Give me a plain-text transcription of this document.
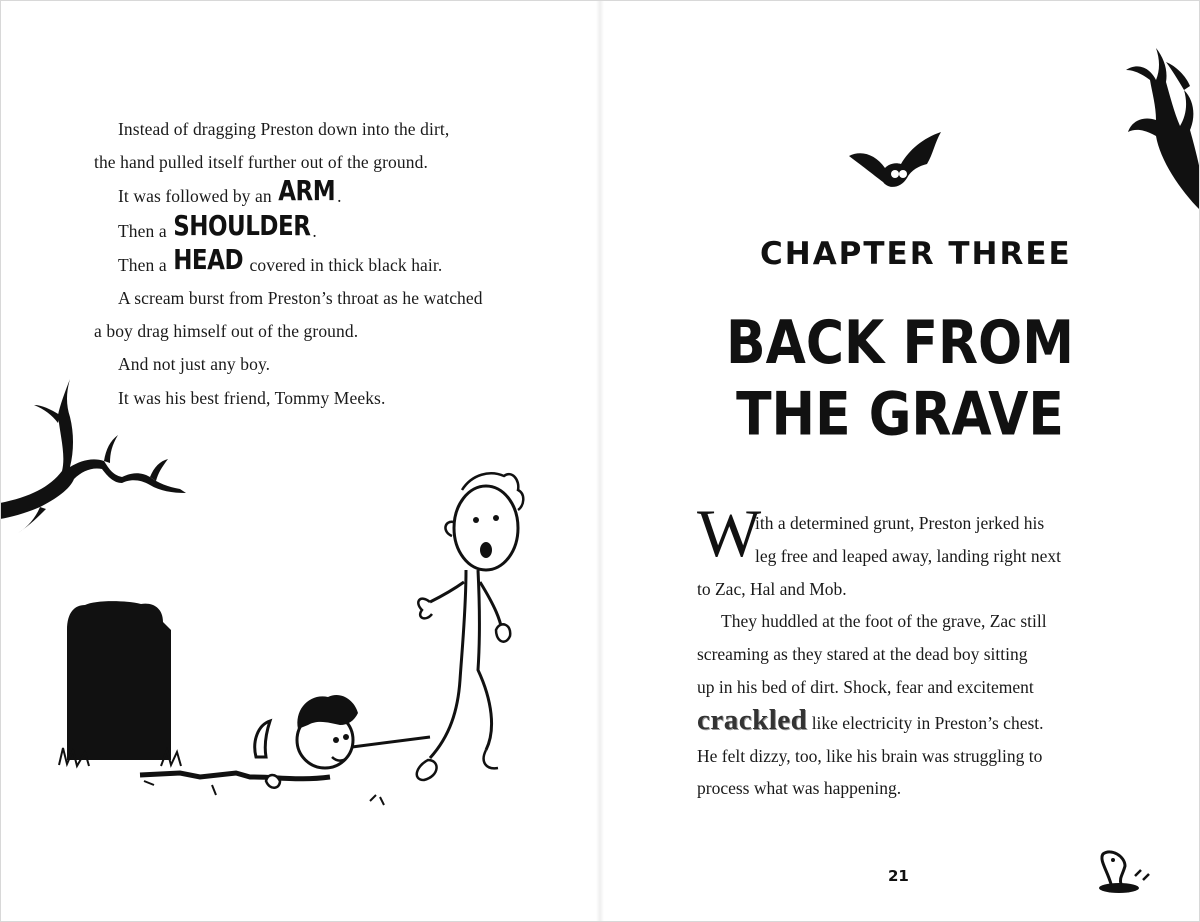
Instead of dragging Preston down into the dirt,
the hand pulled itself further out of the ground.
It was followed by an ARM .
Then a SHOULDER .
Then a HEAD covered in thick black hair.
A scream burst from Preston’s throat as he watched
a boy drag himself out of the ground.
And not just any boy.
It was his best friend, Tommy Meeks.
CHAPTER THREE
BACK FROM
THE GRAVE
W
ith a determined grunt, Preston jerked his
leg free and leaped away, landing right next
to Zac, Hal and Mob.
They huddled at the foot of the grave, Zac still
screaming as they stared at the dead boy sitting
up in his bed of dirt. Shock, fear and excitement
crackled like electricity in Preston’s chest.
He felt dizzy, too, like his brain was struggling to
process what was happening.
21
